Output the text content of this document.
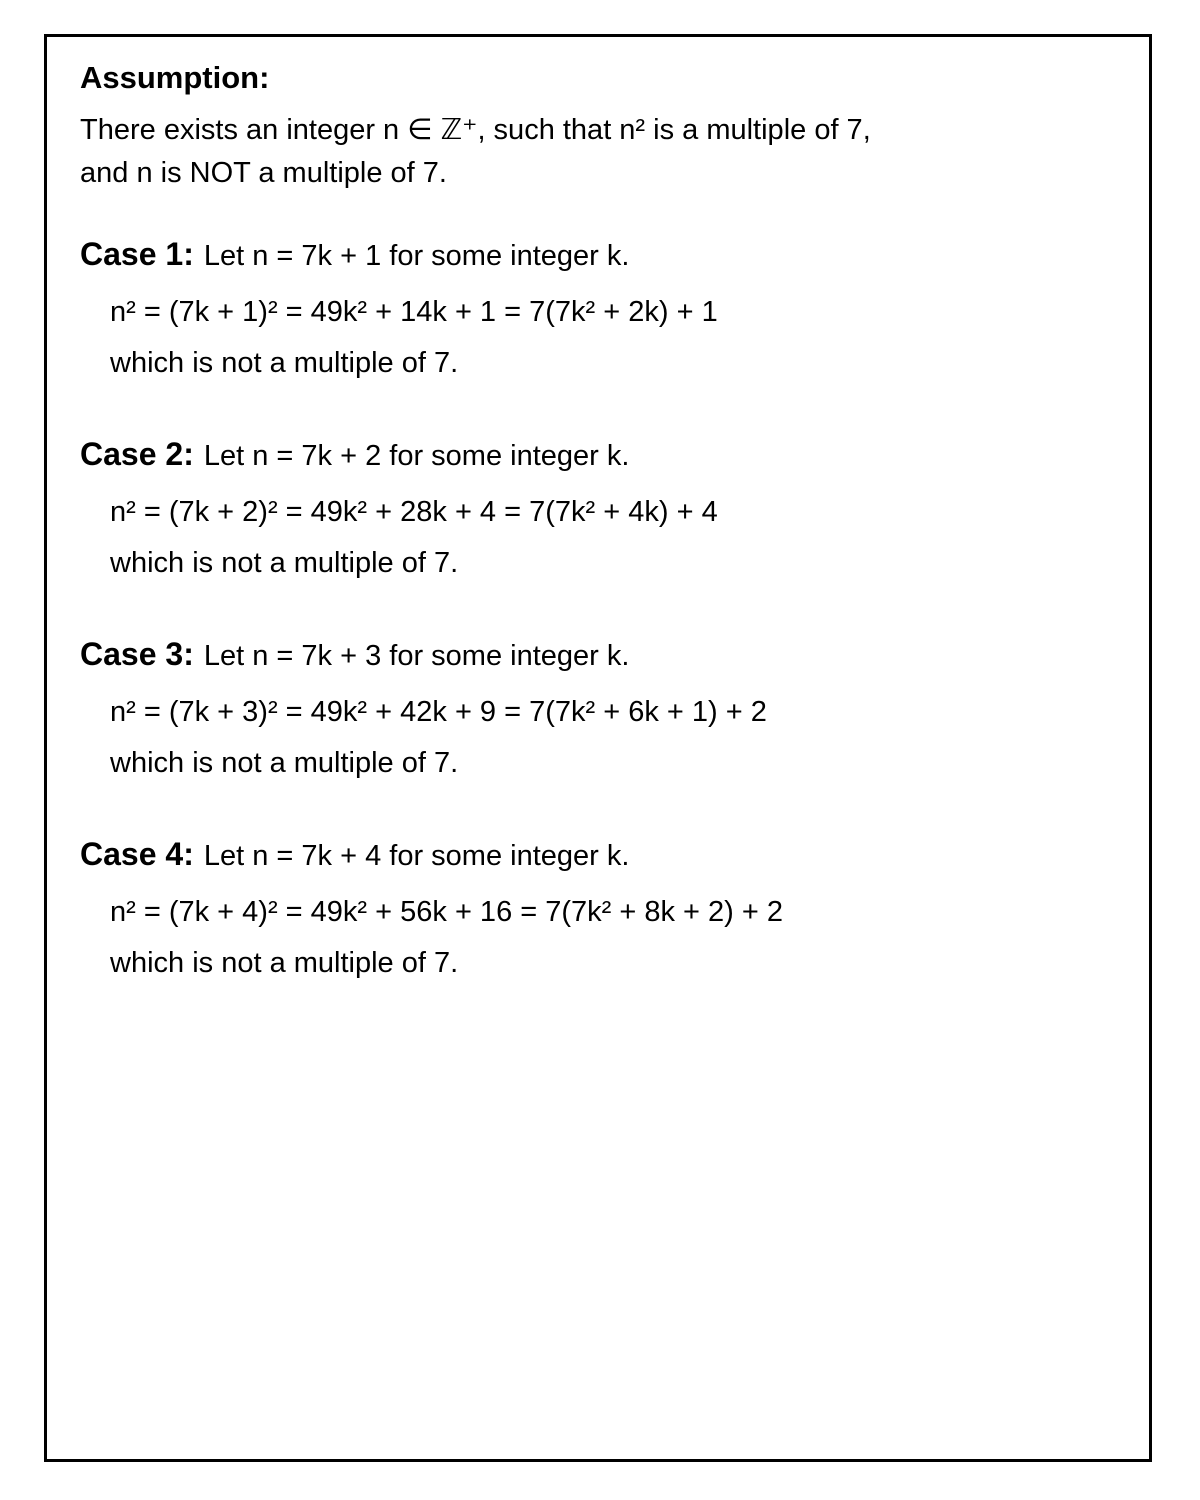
Assumption:
There exists an integer n ∈ ℤ⁺, such that n² is a multiple of 7,
and n is NOT a multiple of 7.
Case 1: Let n = 7k + 1 for some integer k.
n² = (7k + 1)² = 49k² + 14k + 1 = 7(7k² + 2k) + 1
which is not a multiple of 7.
Case 2: Let n = 7k + 2 for some integer k.
n² = (7k + 2)² = 49k² + 28k + 4 = 7(7k² + 4k) + 4
which is not a multiple of 7.
Case 3: Let n = 7k + 3 for some integer k.
n² = (7k + 3)² = 49k² + 42k + 9 = 7(7k² + 6k + 1) + 2
which is not a multiple of 7.
Case 4: Let n = 7k + 4 for some integer k.
n² = (7k + 4)² = 49k² + 56k + 16 = 7(7k² + 8k + 2) + 2
which is not a multiple of 7.
